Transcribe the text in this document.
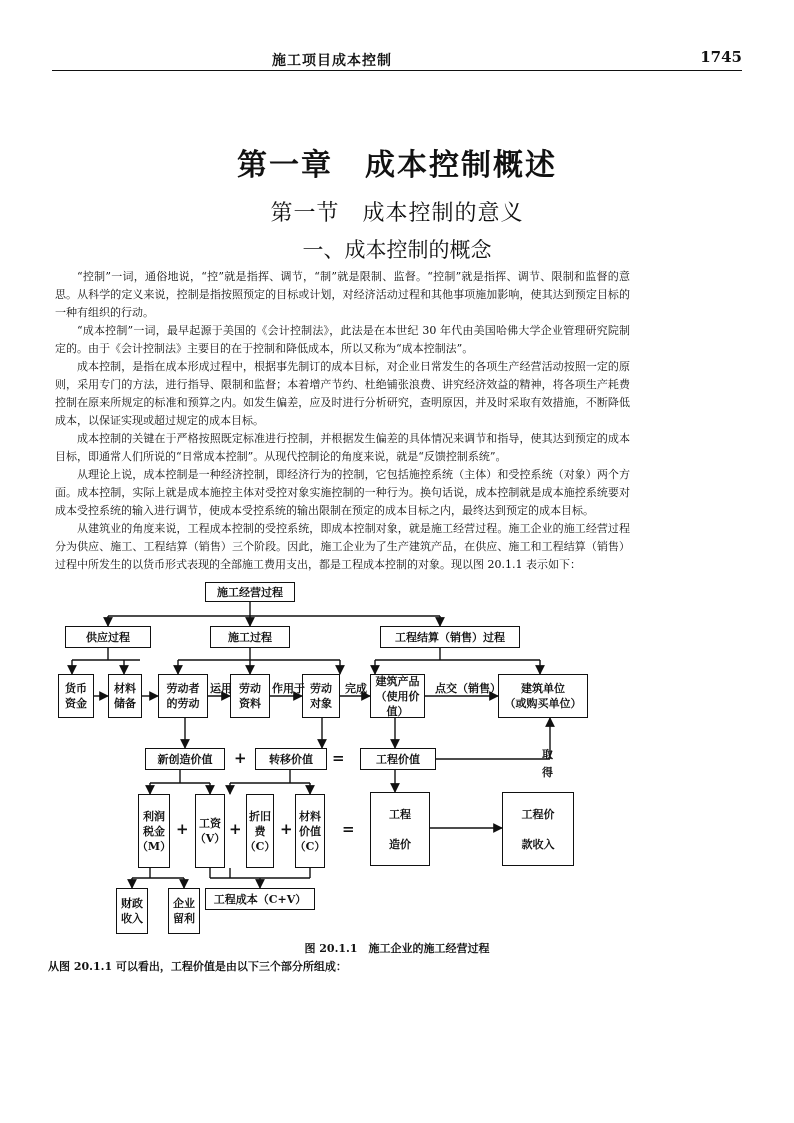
施工项目成本控制	1745
第一章　成本控制概述
第一节　成本控制的意义
一、成本控制的概念

“控制”一词，通俗地说，“控”就是指挥、调节，“制”就是限制、监督。“控制”就是指挥、调节、限制和监督的意思。从科学的定义来说，控制是指按照预定的目标或计划，对经济活动过程和其他事项施加影响，使其达到预定目标的一种有组织的行动。

“成本控制”一词，最早起源于美国的《会计控制法》，此法是在本世纪 30 年代由美国哈佛大学企业管理研究院制定的。由于《会计控制法》主要目的在于控制和降低成本，所以又称为“成本控制法”。

成本控制，是指在成本形成过程中，根据事先制订的成本目标，对企业日常发生的各项生产经营活动按照一定的原则，采用专门的方法，进行指导、限制和监督；本着增产节约、杜绝铺张浪费、讲究经济效益的精神，将各项生产耗费控制在原来所规定的标准和预算之内。如发生偏差，应及时进行分析研究，查明原因，并及时采取有效措施，不断降低成本，以保证实现或超过规定的成本目标。

成本控制的关键在于严格按照既定标准进行控制，并根据发生偏差的具体情况来调节和指导，使其达到预定的成本目标，即通常人们所说的“日常成本控制”。从现代控制论的角度来说，就是“反馈控制系统”。

从理论上说，成本控制是一种经济控制，即经济行为的控制，它包括施控系统（主体）和受控系统（对象）两个方面。成本控制，实际上就是成本施控主体对受控对象实施控制的一种行为。换句话说，成本控制就是成本施控系统要对成本受控系统的输入进行调节，使成本受控系统的输出限制在预定的成本目标之内，最终达到预定的成本目标。

从建筑业的角度来说，工程成本控制的受控系统，即成本控制对象，就是施工经营过程。施工企业的施工经营过程分为供应、施工、工程结算（销售）三个阶段。因此，施工企业为了生产建筑产品，在供应、施工和工程结算（销售）过程中所发生的以货币形式表现的全部施工费用支出，都是工程成本控制的对象。现以图 20.1.1 表示如下：

施工经营过程
供应过程	施工过程	工程结算（销售）过程
货币
资金
材料
储备
劳动者
的劳动
劳动
资料
劳动
对象
建筑产品
（使用价值）
建筑单位
（或购买单位）
运用	作用于	完成	点交（销售）
取
得
新创造价值 + 转移价值 =	工程价值
利润
税金
（M）
+ 工资
（V）
+
折旧
费
（C）
+
材料
价值
（C）
=
工程

造价
工程价

款收入
财政
收入
企业
留利
工程成本（C+V）
图 20.1.1　施工企业的施工经营过程
从图 20.1.1 可以看出，工程价值是由以下三个部分所组成：
